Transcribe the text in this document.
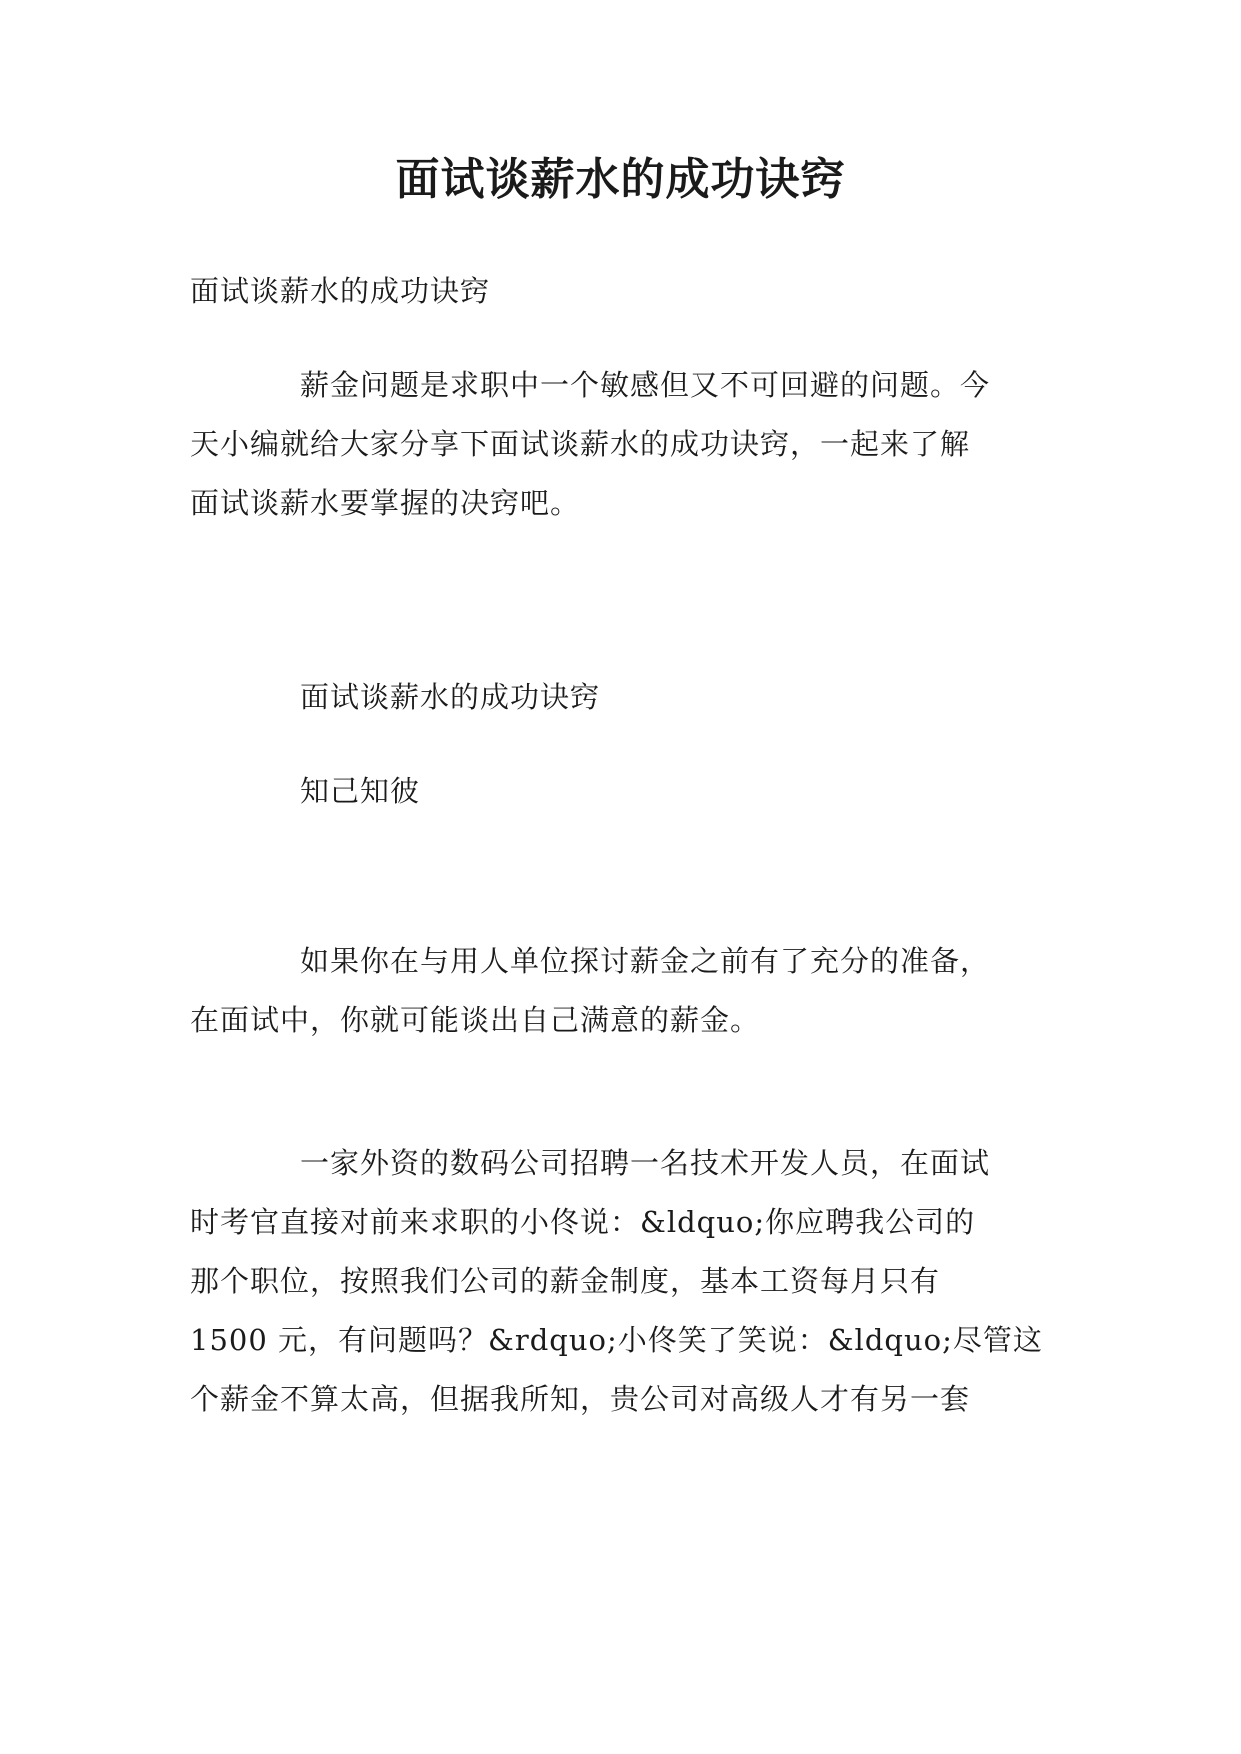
面试谈薪水的成功诀窍
面试谈薪水的成功诀窍
薪金问题是求职中一个敏感但又不可回避的问题。今
天小编就给大家分享下面试谈薪水的成功诀窍，一起来了解
面试谈薪水要掌握的决窍吧。
面试谈薪水的成功诀窍
知己知彼
如果你在与用人单位探讨薪金之前有了充分的准备，
在面试中，你就可能谈出自己满意的薪金。
一家外资的数码公司招聘一名技术开发人员，在面试
时考官直接对前来求职的小佟说：&ldquo;你应聘我公司的
那个职位，按照我们公司的薪金制度，基本工资每月只有
1500 元，有问题吗？&rdquo;小佟笑了笑说：&ldquo;尽管这
个薪金不算太高，但据我所知，贵公司对高级人才有另一套
